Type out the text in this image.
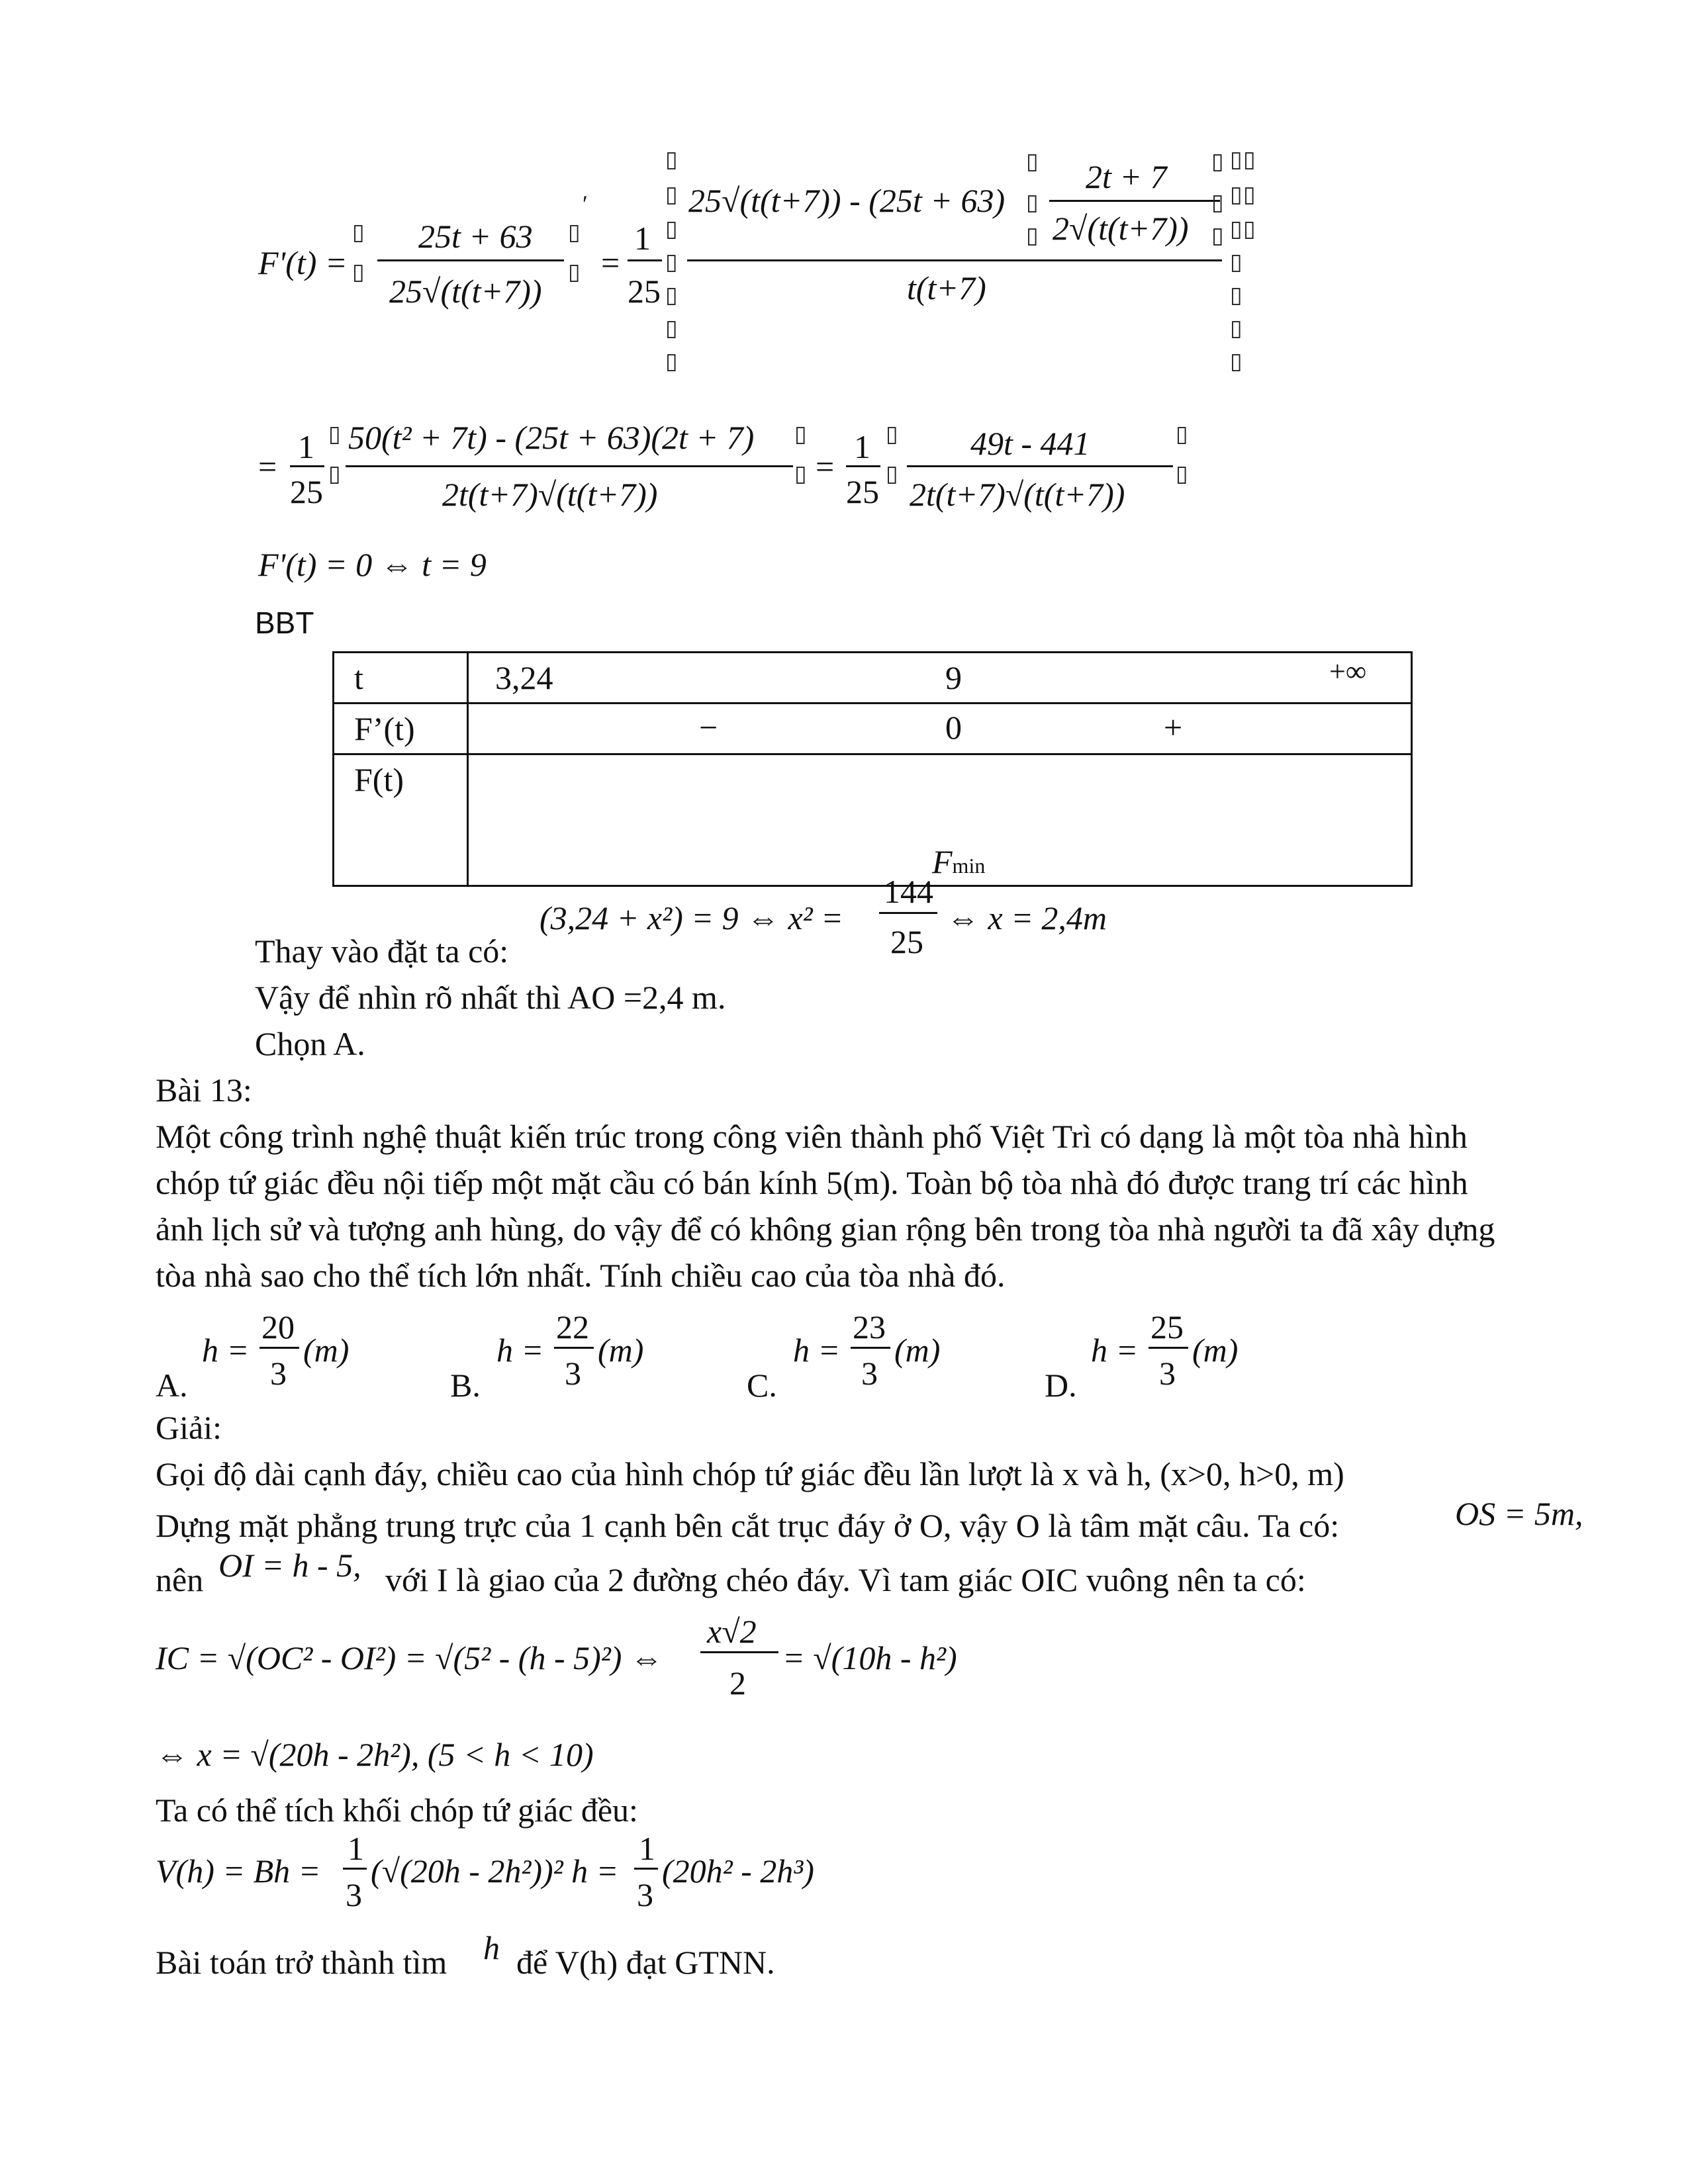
F'(t) =
▯
▯
25t + 63
25√(t(t+7))
▯
▯
′
=
1
25
▯
▯
▯
▯
▯
▯
▯
25√(t(t+7)) - (25t + 63)
▯
▯
▯
2t + 7
2√(t(t+7))
▯
▯
▯
t(t+7)
▯
▯
▯
▯
▯
▯
▯
▯
▯
▯
=
1
25
▯
▯
50(t² + 7t) - (25t + 63)(2t + 7)
2t(t+7)√(t(t+7))
▯
▯ =
1
25
▯
▯
49t - 441
2t(t+7)√(t(t+7))
▯
▯
F'(t) = 0 ⇔ t = 9
BBT
t	3,24 9 +∞

F’(t)	− 0 +

F(t)	Fmin
(3,24 + x²) = 9 ⇔ x² =
144
25
⇔ x = 2,4m
Thay vào đặt ta có:
Vậy để nhìn rõ nhất thì AO =2,4 m.
Chọn A.
Bài 13:
Một công trình nghệ thuật kiến trúc trong công viên thành phố Việt Trì có dạng là một tòa nhà hình
chóp tứ giác đều nội tiếp một mặt cầu có bán kính 5(m). Toàn bộ tòa nhà đó được trang trí các hình
ảnh lịch sử và tượng anh hùng, do vậy để có không gian rộng bên trong tòa nhà người ta đã xây dựng
tòa nhà sao cho thể tích lớn nhất. Tính chiều cao của tòa nhà đó.
A.
h =
20
3
(m)
B.
h =
22
3
(m)
C.
h =
23
3
(m)
D.
h =
25
3
(m)
Giải:
Gọi độ dài cạnh đáy, chiều cao của hình chóp tứ giác đều lần lượt là x và h, (x>0, h>0, m)
Dựng mặt phẳng trung trực của 1 cạnh bên cắt trục đáy ở O, vậy O là tâm mặt câu. Ta có:	OS = 5m,
nên OI = h - 5, với I là giao của 2 đường chéo đáy. Vì tam giác OIC vuông nên ta có:
IC = √(OC² - OI²) = √(5² - (h - 5)²) ⇔
x√2
2
= √(10h - h²)
⇔ x = √(20h - 2h²), (5 < h < 10)
Ta có thể tích khối chóp tứ giác đều:
V(h) = Bh =
1
3
(√(20h - 2h²))² h =
1
3
(20h² - 2h³)
Bài toán trở thành tìm h để V(h) đạt GTNN.
